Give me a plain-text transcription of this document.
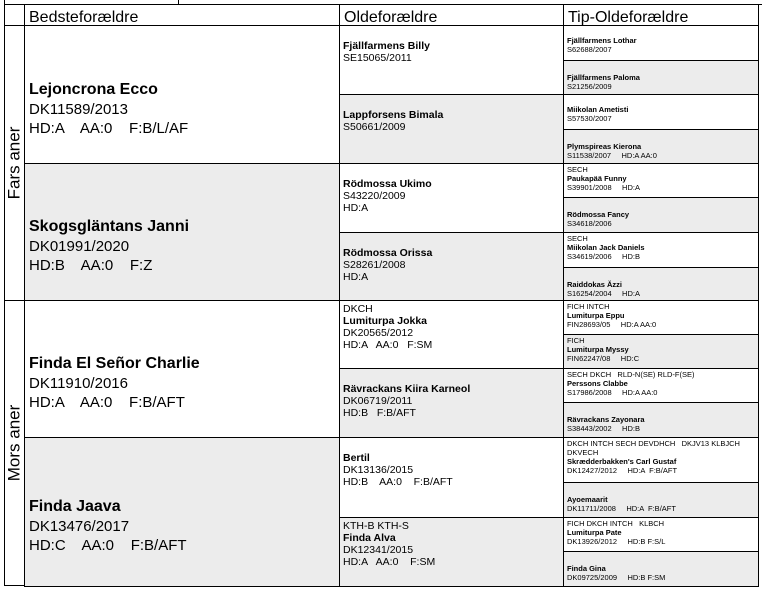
Bedsteforældre	Oldeforældre	Tip-Oldeforældre
Fars aner
Mors aner
Lejoncrona Ecco
DK11589/2013
HD:A    AA:0    F:B/L/AF
Skogsgläntans Janni
DK01991/2020
HD:B    AA:0    F:Z
Finda El Señor Charlie
DK11910/2016
HD:A    AA:0    F:B/AFT
Finda Jaava
DK13476/2017
HD:C    AA:0    F:B/AFT
Fjällfarmens Billy
SE15065/2011
Lappforsens Bimala
S50661/2009
Rödmossa Ukimo
S43220/2009
HD:A
Rödmossa Orissa
S28261/2008
HD:A
DKCH
Lumiturpa Jokka
DK20565/2012
HD:A   AA:0   F:SM
Rävrackans Kiira Karneol
DK06719/2011
HD:B   F:B/AFT
Bertil
DK13136/2015
HD:B    AA:0    F:B/AFT
KTH-B KTH-S
Finda Alva
DK12341/2015
HD:A   AA:0    F:SM
Fjällfarmens Lothar
S62688/2007
Fjällfarmens Paloma
S21256/2009
Miikolan Ametisti
S57530/2007
Plymspireas Kierona
S11538/2007     HD:A AA:0
SECH
Paukapää Funny
S39901/2008     HD:A
Rödmossa Fancy
S34618/2006
SECH
Miikolan Jack Daniels
S34619/2006     HD:B
Raiddokas Ăzzi
S16254/2004     HD:A
FICH INTCH
Lumiturpa Eppu
FIN28693/05     HD:A AA:0
FICH
Lumiturpa Myssy
FIN62247/08     HD:C
SECH DKCH   RLD-N(SE) RLD-F(SE)
Perssons Clabbe
S17986/2008     HD:A AA:0
Rävrackans Zayonara
S38443/2002     HD:B
DKCH INTCH SECH DEVDHCH   DKJV13 KLBJCH
DKVECH
Skrædderbakken's Carl Gustaf
DK12427/2012     HD:A  F:B/AFT
Ayoemaarit
DK11711/2008     HD:A  F:B/AFT
FICH DKCH INTCH   KLBCH
Lumiturpa Pate
DK13926/2012     HD:B F:S/L
Finda Gina
DK09725/2009     HD:B F:SM
